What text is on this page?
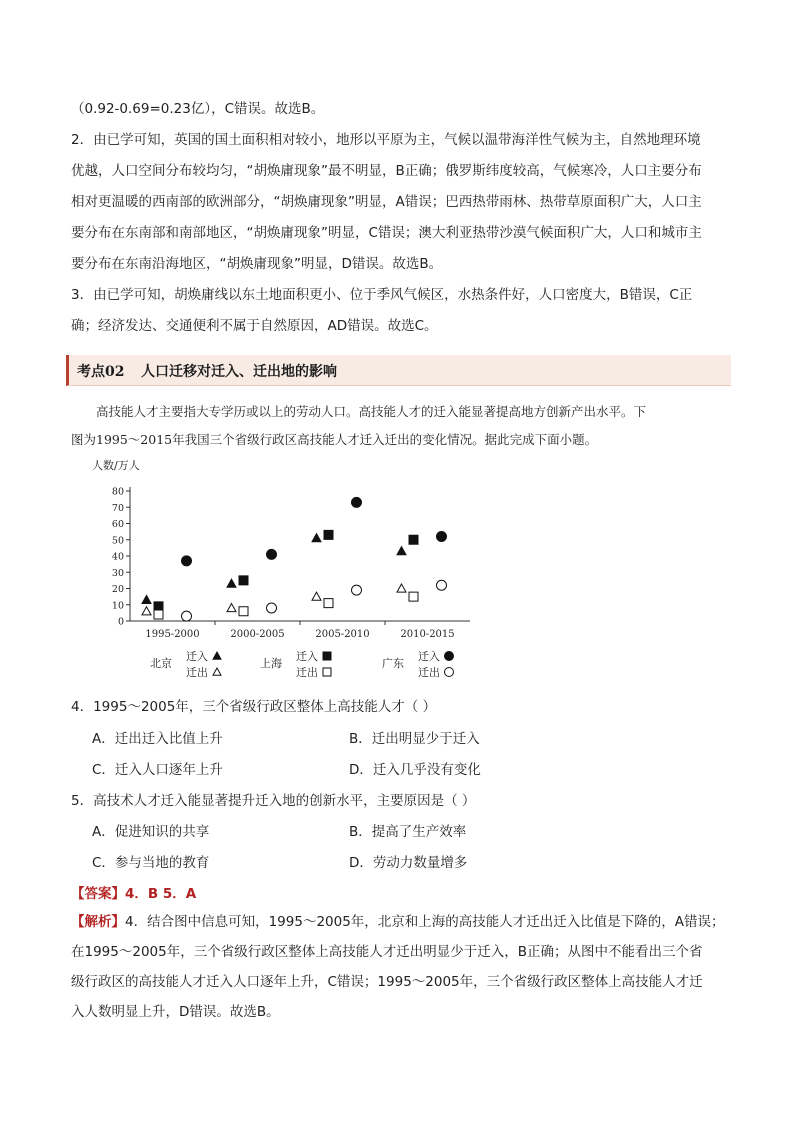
（0.92-0.69=0.23亿），C错误。故选B。
2．由已学可知，英国的国土面积相对较小，地形以平原为主，气候以温带海洋性气候为主，自然地理环境
优越，人口空间分布较均匀，“胡焕庸现象”最不明显，B正确；俄罗斯纬度较高，气候寒冷，人口主要分布
相对更温暖的西南部的欧洲部分，“胡焕庸现象”明显，A错误；巴西热带雨林、热带草原面积广大，人口主
要分布在东南部和南部地区，“胡焕庸现象”明显，C错误；澳大利亚热带沙漠气候面积广大，人口和城市主
要分布在东南沿海地区，“胡焕庸现象”明显，D错误。故选B。
3．由已学可知，胡焕庸线以东土地面积更小、位于季风气候区，水热条件好，人口密度大，B错误，C正
确；经济发达、交通便利不属于自然原因，AD错误。故选C。
考点02 人口迁移对迁入、迁出地的影响
高技能人才主要指大专学历或以上的劳动人口。高技能人才的迁入能显著提高地方创新产出水平。下
图为1995～2015年我国三个省级行政区高技能人才迁入迁出的变化情况。据此完成下面小题。
人数/万人
0
10
20
30
40
50
60
70
80
1995-2000	2000-2005	2005-2010	2010-2015
北京
迁入
迁出
上海
迁入
迁出
广东
迁入
迁出
4．1995～2005年，三个省级行政区整体上高技能人才（ ）
A．迁出迁入比值上升	B．迁出明显少于迁入
C．迁入人口逐年上升	D．迁入几乎没有变化
5．高技术人才迁入能显著提升迁入地的创新水平，主要原因是（ ）
A．促进知识的共享	B．提高了生产效率
C．参与当地的教育	D．劳动力数量增多
【答案】4．B 5．A
【解析】4．结合图中信息可知，1995～2005年，北京和上海的高技能人才迁出迁入比值是下降的，A错误；
在1995～2005年，三个省级行政区整体上高技能人才迁出明显少于迁入，B正确；从图中不能看出三个省
级行政区的高技能人才迁入人口逐年上升，C错误；1995～2005年，三个省级行政区整体上高技能人才迁
入人数明显上升，D错误。故选B。
